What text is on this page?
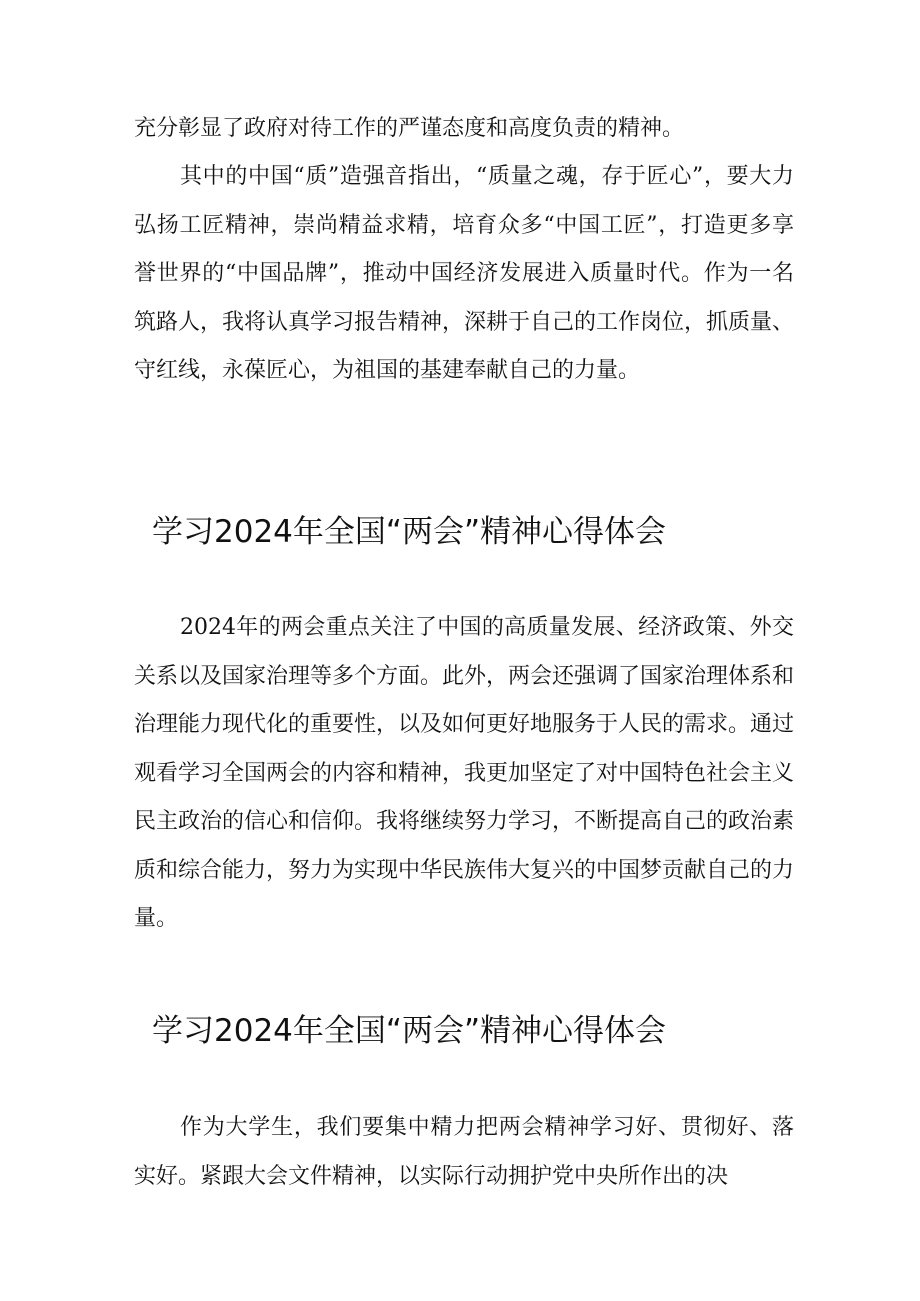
充分彰显了政府对待工作的严谨态度和高度负责的精神。

其中的中国“质”造强音指出，“质量之魂，存于匠心”，要大力弘扬工匠精神，崇尚精益求精，培育众多“中国工匠”，打造更多享誉世界的“中国品牌”，推动中国经济发展进入质量时代。作为一名筑路人，我将认真学习报告精神，深耕于自己的工作岗位，抓质量、守红线，永葆匠心，为祖国的基建奉献自己的力量。

学习2024年全国“两会”精神心得体会

2024年的两会重点关注了中国的高质量发展、经济政策、外交关系以及国家治理等多个方面。此外，两会还强调了国家治理体系和治理能力现代化的重要性，以及如何更好地服务于人民的需求。通过观看学习全国两会的内容和精神，我更加坚定了对中国特色社会主义民主政治的信心和信仰。我将继续努力学习，不断提高自己的政治素质和综合能力，努力为实现中华民族伟大复兴的中国梦贡献自己的力量。

学习2024年全国“两会”精神心得体会

作为大学生，我们要集中精力把两会精神学习好、贯彻好、落实好。紧跟大会文件精神，以实际行动拥护党中央所作出的决
